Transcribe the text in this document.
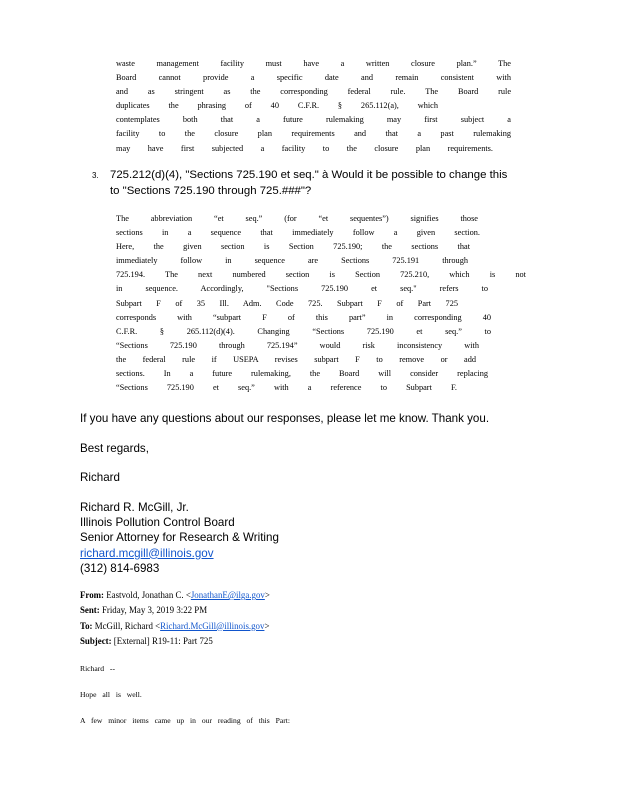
waste management facility must have a written closure plan.” The
Board cannot provide a specific date and remain consistent with
and as stringent as the corresponding federal rule. The Board rule
duplicates the phrasing of 40 C.F.R. § 265.112(a), which
contemplates both that a future rulemaking may first subject a
facility to the closure plan requirements and that a past rulemaking
may have first subjected a facility to the closure plan requirements.
3. 725.212(d)(4), "Sections 725.190 et seq." à Would it be possible to change this
to "Sections 725.190 through 725.###"?
The abbreviation “et seq.” (for “et sequentes”) signifies those
sections in a sequence that immediately follow a given section.
Here, the given section is Section 725.190; the sections that
immediately follow in sequence are Sections 725.191 through
725.194. The next numbered section is Section 725.210, which is not
in sequence. Accordingly, "Sections 725.190 et seq." refers to
Subpart F of 35 Ill. Adm. Code 725. Subpart F of Part 725
corresponds with “subpart F of this part” in corresponding 40
C.F.R. § 265.112(d)(4). Changing “Sections 725.190 et seq.” to
“Sections 725.190 through 725.194” would risk inconsistency with
the federal rule if USEPA revises subpart F to remove or add
sections. In a future rulemaking, the Board will consider replacing
“Sections 725.190 et seq.” with a reference to Subpart F.
If you have any questions about our responses, please let me know. Thank you.
Best regards,
Richard
Richard R. McGill, Jr.
Illinois Pollution Control Board
Senior Attorney for Research & Writing
richard.mcgill@illinois.gov
(312) 814-6983
From: Eastvold, Jonathan C. <JonathanE@ilga.gov>
Sent: Friday, May 3, 2019 3:22 PM
To: McGill, Richard <Richard.McGill@illinois.gov>
Subject: [External] R19-11: Part 725
Richard --
Hope all is well.
A few minor items came up in our reading of this Part:
